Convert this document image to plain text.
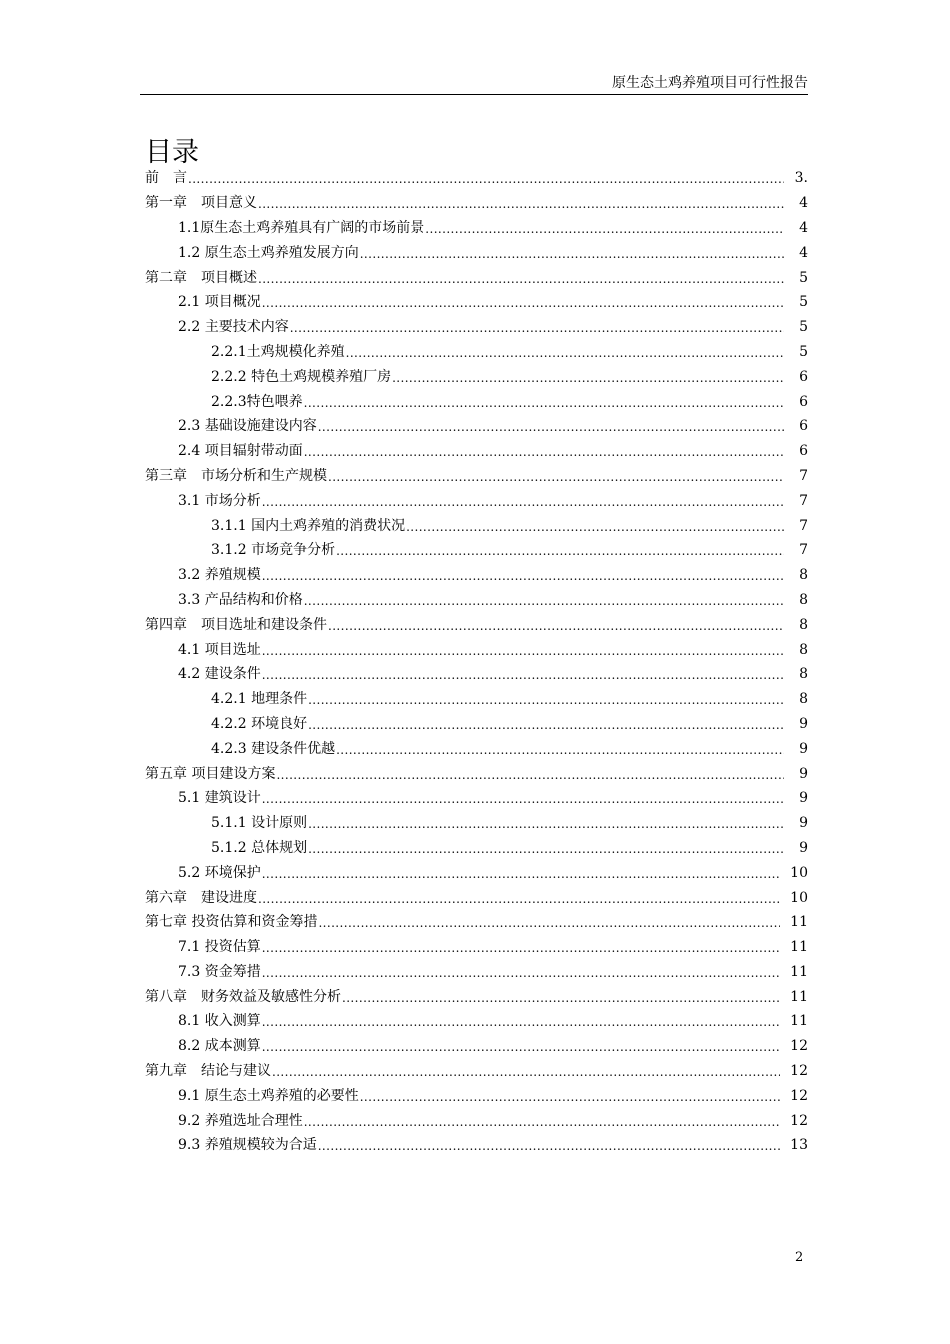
原生态土鸡养殖项目可行性报告
目录
前　言 .....	3.
第一章　项目意义 .....	4
1.1原生态土鸡养殖具有广阔的市场前景 .....	4
1.2 原生态土鸡养殖发展方向 .....	4
第二章　项目概述 .....	5
2.1 项目概况 .....	5
2.2 主要技术内容 .....	5
2.2.1土鸡规模化养殖 .....	5
2.2.2 特色土鸡规模养殖厂房 .....	6
2.2.3特色喂养 .....	6
2.3 基础设施建设内容 .....	6
2.4 项目辐射带动面 .....	6
第三章　市场分析和生产规模 .....	7
3.1 市场分析 .....	7
3.1.1 国内土鸡养殖的消费状况 .....	7
3.1.2 市场竞争分析 .....	7
3.2 养殖规模 .....	8
3.3 产品结构和价格 .....	8
第四章　项目选址和建设条件 .....	8
4.1 项目选址 .....	8
4.2 建设条件 .....	8
4.2.1 地理条件 .....	8
4.2.2 环境良好 .....	9
4.2.3 建设条件优越 .....	9
第五章 项目建设方案 .....	9
5.1 建筑设计 .....	9
5.1.1 设计原则 .....	9
5.1.2 总体规划 .....	9
5.2 环境保护 .....	10
第六章　建设进度 .....	10
第七章 投资估算和资金筹措 .....	11
7.1 投资估算 .....	11
7.3 资金筹措 .....	11
第八章　财务效益及敏感性分析 .....	11
8.1 收入测算 .....	11
8.2 成本测算 .....	12
第九章　结论与建议 .....	12
9.1 原生态土鸡养殖的必要性 .....	12
9.2 养殖选址合理性 .....	12
9.3 养殖规模较为合适 .....	13
2
